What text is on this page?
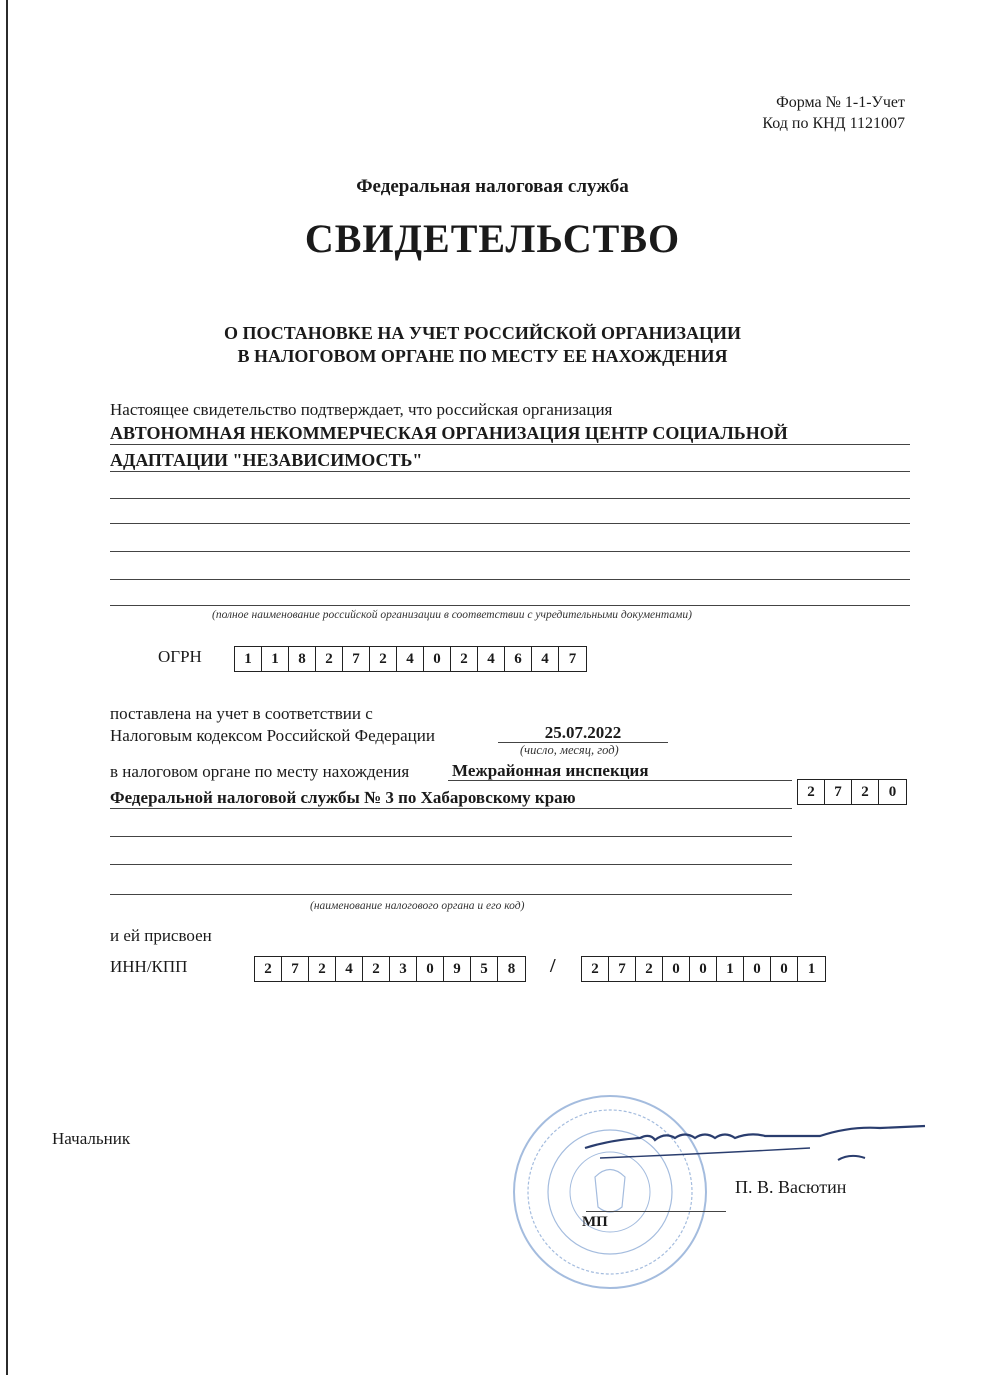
Форма № 1-1-Учет
Код по КНД 1121007
Федеральная налоговая служба
СВИДЕТЕЛЬСТВО
О ПОСТАНОВКЕ НА УЧЕТ РОССИЙСКОЙ ОРГАНИЗАЦИИ
В НАЛОГОВОМ ОРГАНЕ ПО МЕСТУ ЕЕ НАХОЖДЕНИЯ
Настоящее свидетельство подтверждает, что российская организация
АВТОНОМНАЯ НЕКОММЕРЧЕСКАЯ ОРГАНИЗАЦИЯ ЦЕНТР СОЦИАЛЬНОЙ
АДАПТАЦИИ "НЕЗАВИСИМОСТЬ"
(полное наименование российской организации в соответствии с учредительными документами)
ОГРН	1	1	8	2	7	2	4	0	2	4	6	4	7
поставлена на учет в соответствии с
Налоговым кодексом Российской Федерации	25.07.2022
(число, месяц, год)
в налоговом органе по месту нахождения	Межрайонная инспекция
Федеральной налоговой службы № 3 по Хабаровскому краю	2	7	2	0
(наименование налогового органа и его код)
и ей присвоен
ИНН/КПП	2	7	2	4	2	3	0	9	5	8	/	2	7	2	0	0	1	0	0	1
Начальник
П. В. Васютин
МП
